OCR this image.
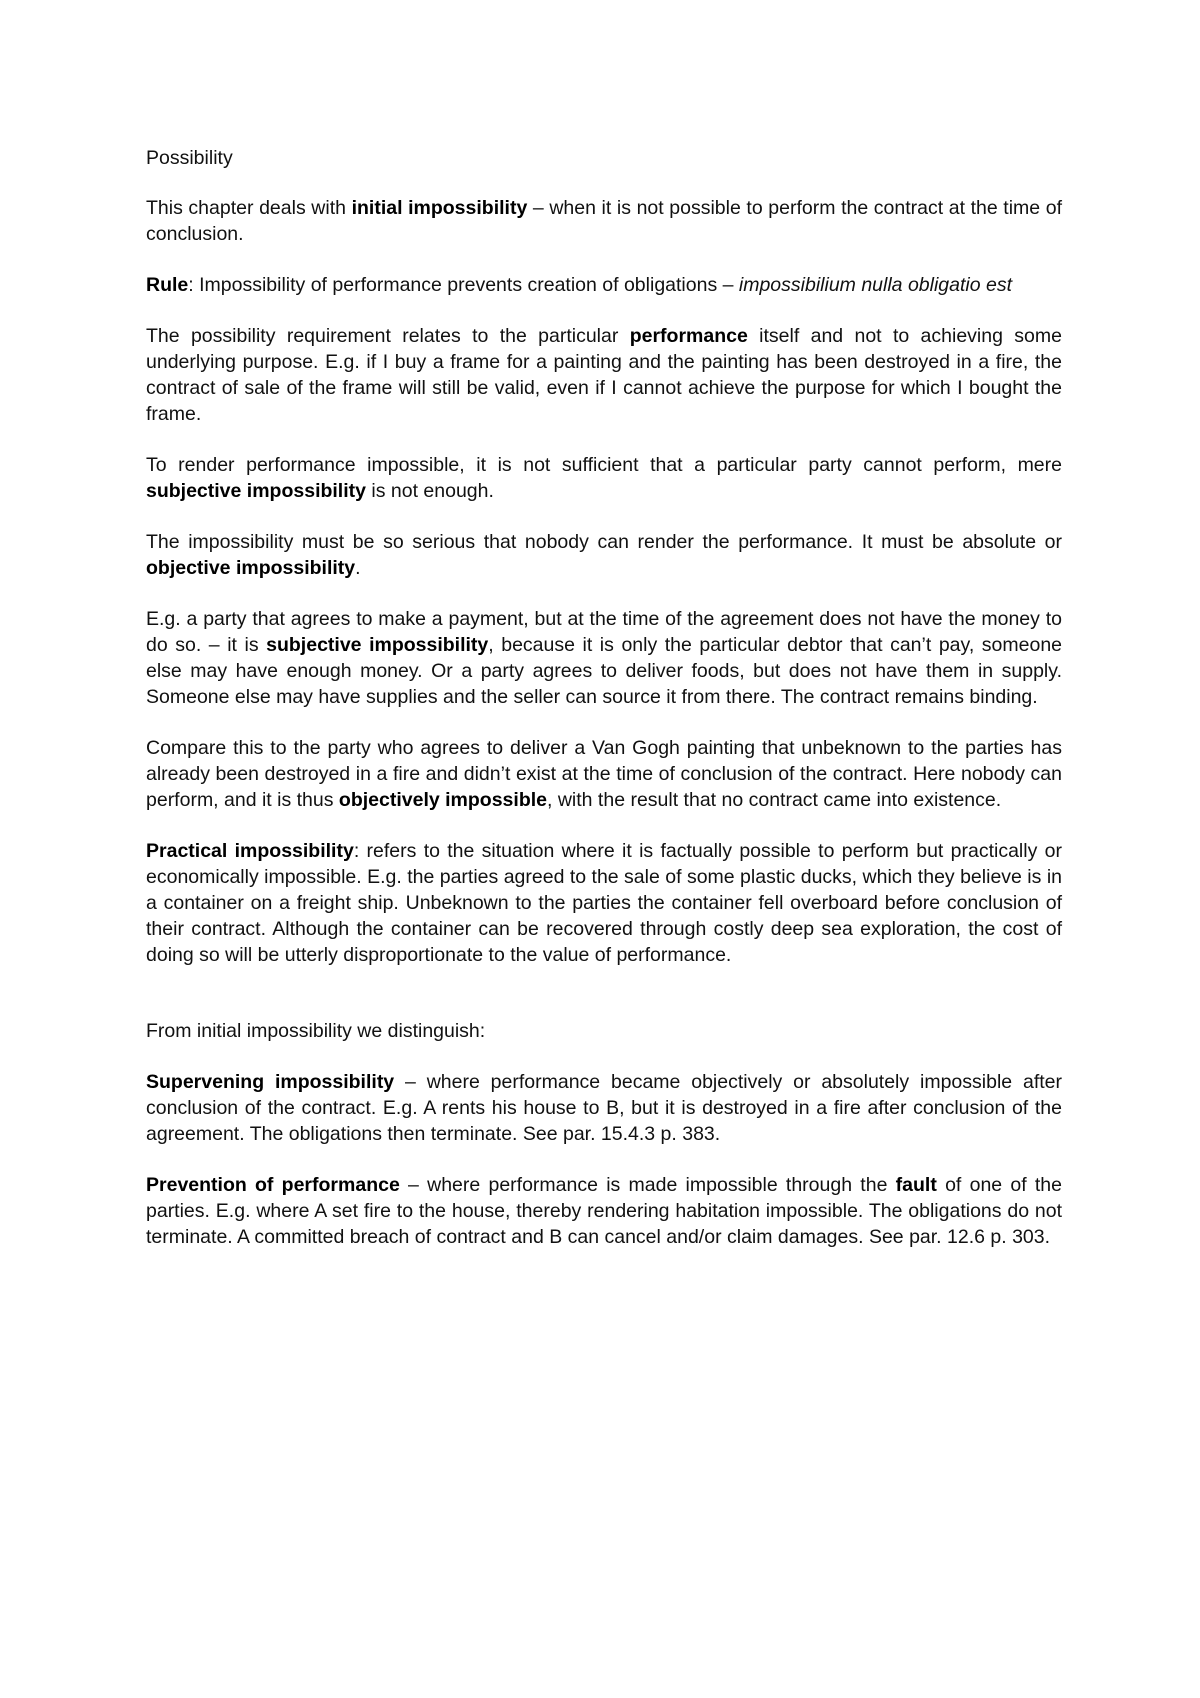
Possibility

This chapter deals with initial impossibility – when it is not possible to perform the contract at the time of conclusion.

Rule: Impossibility of performance prevents creation of obligations – impossibilium nulla obligatio est

The possibility requirement relates to the particular performance itself and not to achieving some underlying purpose. E.g. if I buy a frame for a painting and the painting has been destroyed in a fire, the contract of sale of the frame will still be valid, even if I cannot achieve the purpose for which I bought the frame.

To render performance impossible, it is not sufficient that a particular party cannot perform, mere subjective impossibility is not enough.

The impossibility must be so serious that nobody can render the performance. It must be absolute or objective impossibility.

E.g. a party that agrees to make a payment, but at the time of the agreement does not have the money to do so. – it is subjective impossibility, because it is only the particular debtor that can’t pay, someone else may have enough money. Or a party agrees to deliver foods, but does not have them in supply. Someone else may have supplies and the seller can source it from there. The contract remains binding.

Compare this to the party who agrees to deliver a Van Gogh painting that unbeknown to the parties has already been destroyed in a fire and didn’t exist at the time of conclusion of the contract. Here nobody can perform, and it is thus objectively impossible, with the result that no contract came into existence.

Practical impossibility: refers to the situation where it is factually possible to perform but practically or economically impossible. E.g. the parties agreed to the sale of some plastic ducks, which they believe is in a container on a freight ship. Unbeknown to the parties the container fell overboard before conclusion of their contract. Although the container can be recovered through costly deep sea exploration, the cost of doing so will be utterly disproportionate to the value of performance.

From initial impossibility we distinguish:

Supervening impossibility – where performance became objectively or absolutely impossible after conclusion of the contract. E.g. A rents his house to B, but it is destroyed in a fire after conclusion of the agreement. The obligations then terminate. See par. 15.4.3 p. 383.

Prevention of performance – where performance is made impossible through the fault of one of the parties. E.g. where A set fire to the house, thereby rendering habitation impossible. The obligations do not terminate. A committed breach of contract and B can cancel and/or claim damages. See par. 12.6 p. 303.
